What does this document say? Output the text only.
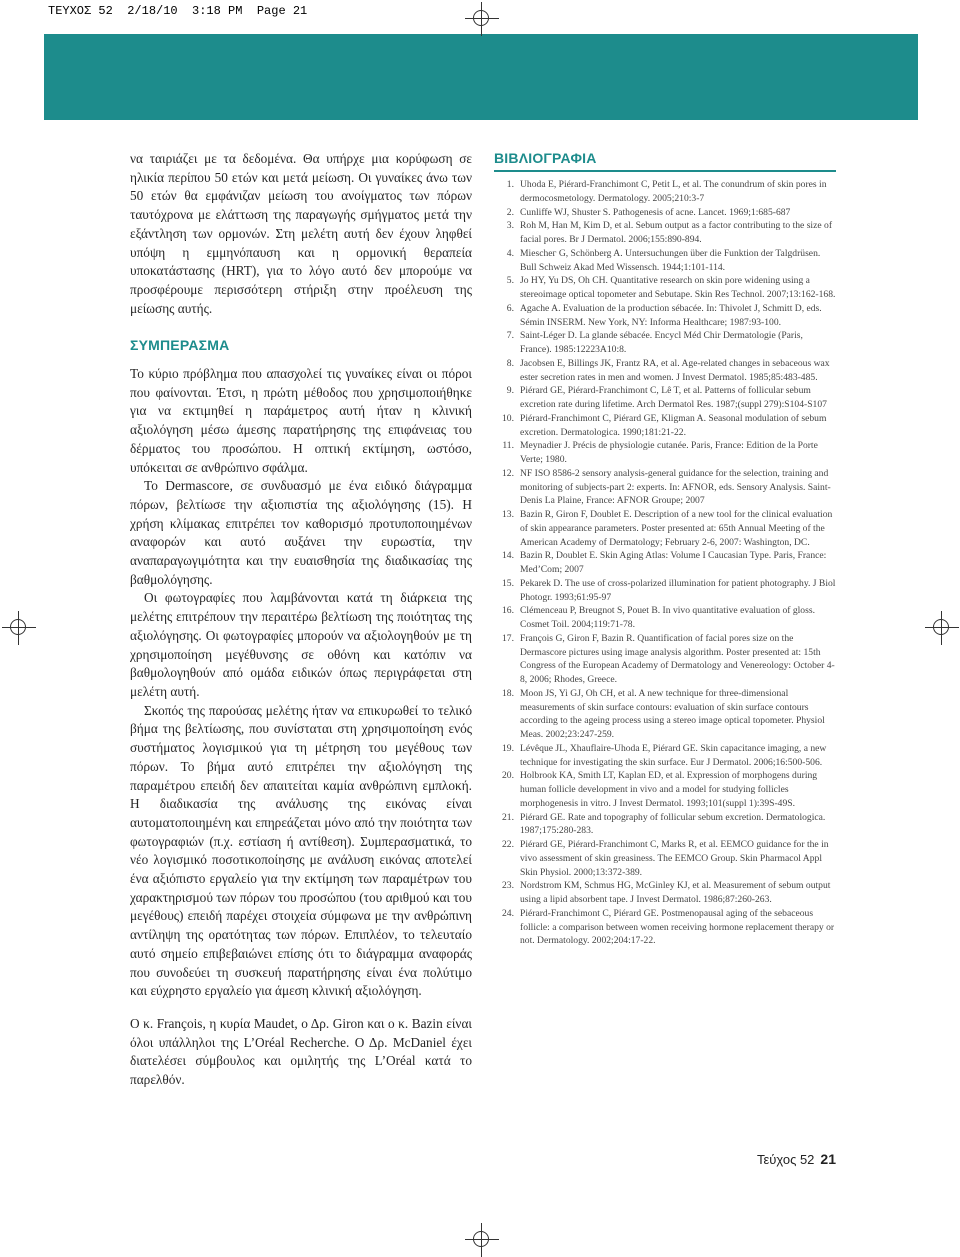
ΤΕΥΧΟΣ 52  2/18/10  3:18 PM  Page 21

να ταιριάζει με τα δεδομένα. Θα υπήρχε μια κορύφωση σε ηλικία περίπου 50 ετών και μετά μείωση. Οι γυναίκες άνω των 50 ετών θα εμφάνιζαν μείωση του ανοίγματος των πόρων ταυτόχρονα με ελάττωση της παραγωγής σμήγματος μετά την εξάντληση των ορμονών. Στη μελέτη αυτή δεν έχουν ληφθεί υπόψη η εμμηνόπαυση και η ορμονική θεραπεία υποκατάστασης (HRT), για το λόγο αυτό δεν μπορούμε να προσφέρουμε περισσότερη στήριξη στην προέλευση της μείωσης αυτής.

ΣΥΜΠΕΡΑΣΜΑ

Το κύριο πρόβλημα που απασχολεί τις γυναίκες είναι οι πόροι που φαίνονται. Έτσι, η πρώτη μέθοδος που χρησιμοποιήθηκε για να εκτιμηθεί η παράμετρος αυτή ήταν η κλινική αξιολόγηση μέσω άμεσης παρατήρησης της επιφάνειας του δέρματος του προσώπου. Η οπτική εκτίμηση, ωστόσο, υπόκειται σε ανθρώπινο σφάλμα.

Το Dermascore, σε συνδυασμό με ένα ειδικό διάγραμμα πόρων, βελτίωσε την αξιοπιστία της αξιολόγησης (15). Η χρήση κλίμακας επιτρέπει τον καθορισμό προτυποποιημένων αναφορών και αυτό αυξάνει την ευρωστία, την αναπαραγωγιμότητα και την ευαισθησία της διαδικασίας της βαθμολόγησης.

Οι φωτογραφίες που λαμβάνονται κατά τη διάρκεια της μελέτης επιτρέπουν την περαιτέρω βελτίωση της ποιότητας της αξιολόγησης. Οι φωτογραφίες μπορούν να αξιολογηθούν με τη χρησιμοποίηση μεγέθυνσης σε οθόνη και κατόπιν να βαθμολογηθούν από ομάδα ειδικών όπως περιγράφεται στη μελέτη αυτή.

Σκοπός της παρούσας μελέτης ήταν να επικυρωθεί το τελικό βήμα της βελτίωσης, που συνίσταται στη χρησιμοποίηση ενός συστήματος λογισμικού για τη μέτρηση του μεγέθους των πόρων. Το βήμα αυτό επιτρέπει την αξιολόγηση της παραμέτρου επειδή δεν απαιτείται καμία ανθρώπινη εμπλοκή. Η διαδικασία της ανάλυσης της εικόνας είναι αυτοματοποιημένη και επηρεάζεται μόνο από την ποιότητα των φωτογραφιών (π.χ. εστίαση ή αντίθεση). Συμπερασματικά, το νέο λογισμικό ποσοτικοποίησης με ανάλυση εικόνας αποτελεί ένα αξιόπιστο εργαλείο για την εκτίμηση των παραμέτρων του χαρακτηρισμού των πόρων του προσώπου (του αριθμού και του μεγέθους) επειδή παρέχει στοιχεία σύμφωνα με την ανθρώπινη αντίληψη της ορατότητας των πόρων. Επιπλέον, το τελευταίο αυτό σημείο επιβεβαιώνει επίσης ότι το διάγραμμα αναφοράς που συνοδεύει τη συσκευή παρατήρησης είναι ένα πολύτιμο και εύχρηστο εργαλείο για άμεση κλινική αξιολόγηση.

Ο κ. François, η κυρία Maudet, ο Δρ. Giron και ο κ. Bazin είναι όλοι υπάλληλοι της L’Oréal Recherche. Ο Δρ. McDaniel έχει διατελέσει σύμβουλος και ομιλητής της L’Oréal κατά το παρελθόν.

ΒΙΒΛΙΟΓΡΑΦΙΑ
1. Uhoda E, Piérard-Franchimont C, Petit L, et al. The conundrum of skin pores in dermocosmetology. Dermatology. 2005;210:3-7
2. Cunliffe WJ, Shuster S. Pathogenesis of acne. Lancet. 1969;1:685-687
3. Roh M, Han M, Kim D, et al. Sebum output as a factor contributing to the size of facial pores. Br J Dermatol. 2006;155:890-894.
4. Mieschег G, Schönberg A. Untersuchungen über die Funktion der Talgdrüsen. Bull Schweiz Akad Med Wissensch. 1944;1:101-114.
5. Jo HY, Yu DS, Oh CH. Quantitative research on skin pore widening using a stereoimage optical topometer and Sebutape. Skin Res Technol. 2007;13:162-168.
6. Agache A. Evaluation de la production sébacée. In: Thivolet J, Schmitt D, eds. Sémin INSERM. New York, NY: Informa Healthcare; 1987:93-100.
7. Saint-Léger D. La glande sébacée. Encycl Méd Chir Dermatologie (Paris, France). 1985:12223A10:8.
8. Jacobsen E, Billings JK, Frantz RA, et al. Age-related changes in sebaceous wax ester secretion rates in men and women. J Invest Dermatol. 1985;85:483-485.
9. Piérard GE, Piérard-Franchimont C, Lê T, et al. Patterns of follicular sebum excretion rate during lifetime. Arch Dermatol Res. 1987;(suppl 279):S104-S107
10. Piérard-Franchimont C, Piérard GE, Kligman A. Seasonal modulation of sebum excretion. Dermatologica. 1990;181:21-22.
11. Meynadier J. Précis de physiologie cutanée. Paris, France: Edition de la Porte Verte; 1980.
12. NF ISO 8586-2 sensory analysis-general guidance for the selection, training and monitoring of subjects-part 2: experts. In: AFNOR, eds. Sensory Analysis. Saint-Denis La Plaine, France: AFNOR Groupe; 2007
13. Bazin R, Giron F, Doublet E. Description of a new tool for the clinical evaluation of skin appearance parameters. Poster presented at: 65th Annual Meeting of the American Academy of Dermatology; February 2-6, 2007: Washington, DC.
14. Bazin R, Doublet E. Skin Aging Atlas: Volume I Caucasian Type. Paris, France: Med’Com; 2007
15. Pekarek D. The use of cross-polarized illumination for patient photography. J Biol Photogr. 1993;61:95-97
16. Clémenceau P, Breugnot S, Pouet B. In vivo quantitative evaluation of gloss. Cosmet Toil. 2004;119:71-78.
17. François G, Giron F, Bazin R. Quantification of facial pores size on the Dermascore pictures using image analysis algorithm. Poster presented at: 15th Congress of the European Academy of Dermatology and Venereology: October 4-8, 2006; Rhodes, Greece.
18. Moon JS, Yi GJ, Oh CH, et al. A new technique for three-dimensional measurements of skin surface contours: evaluation of skin surface contours according to the ageing process using a stereo image optical topometer. Physiol Meas. 2002;23:247-259.
19. Lévêque JL, Xhauflaire-Uhoda E, Piérard GE. Skin capacitance imaging, a new technique for investigating the skin surface. Eur J Dermatol. 2006;16:500-506.
20. Holbrook KA, Smith LT, Kaplan ED, et al. Expression of morphogens during human follicle development in vivo and a model for studying follicles morphogenesis in vitro. J Invest Dermatol. 1993;101(suppl 1):39S-49S.
21. Piérard GE. Rate and topography of follicular sebum excretion. Dermatologica. 1987;175:280-283.
22. Piérard GE, Piérard-Franchimont C, Marks R, et al. EEMCO guidance for the in vivo assessment of skin greasiness. The EEMCO Group. Skin Pharmacol Appl Skin Physiol. 2000;13:372-389.
23. Nordstrom KM, Schmus HG, McGinley KJ, et al. Measurement of sebum output using a lipid absorbent tape. J Invest Dermatol. 1986;87:260-263.
24. Piérard-Franchimont C, Piérard GE. Postmenopausal aging of the sebaceous follicle: a comparison between women receiving hormone replacement therapy or not. Dermatology. 2002;204:17-22.
Τεύχος 52 21
